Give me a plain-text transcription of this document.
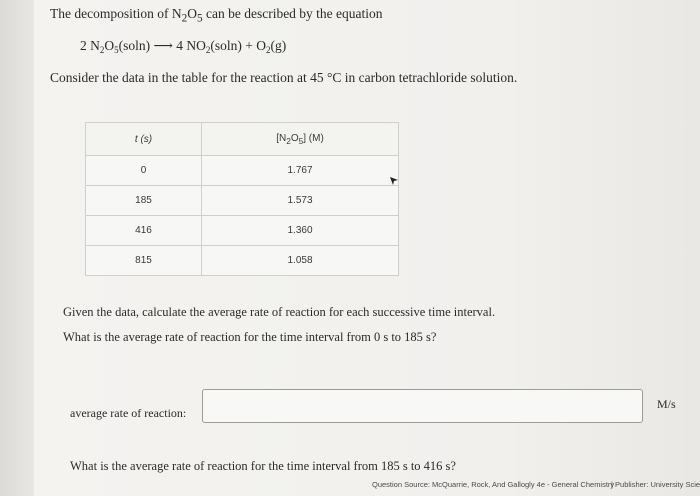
The decomposition of $N_2O_5$ can be described by the equation
2 $N_2O_5(soln)$ ⟶ 4 $NO_2(soln) + O_2(g)$
Consider the data in the table for the reaction at 45 °C in carbon tetrachloride solution.
t (s)	$[N_2O_5]$ (M)
0	1.767
185	1.573
416	1.360
815	1.058
Given the data, calculate the average rate of reaction for each successive time interval.
What is the average rate of reaction for the time interval from 0 s to 185 s?
average rate of reaction:
M/s
What is the average rate of reaction for the time interval from 185 s to 416 s?
Question Source: McQuarrie, Rock, And Gallogly 4e - General Chemistry
| Publisher: University Scie
